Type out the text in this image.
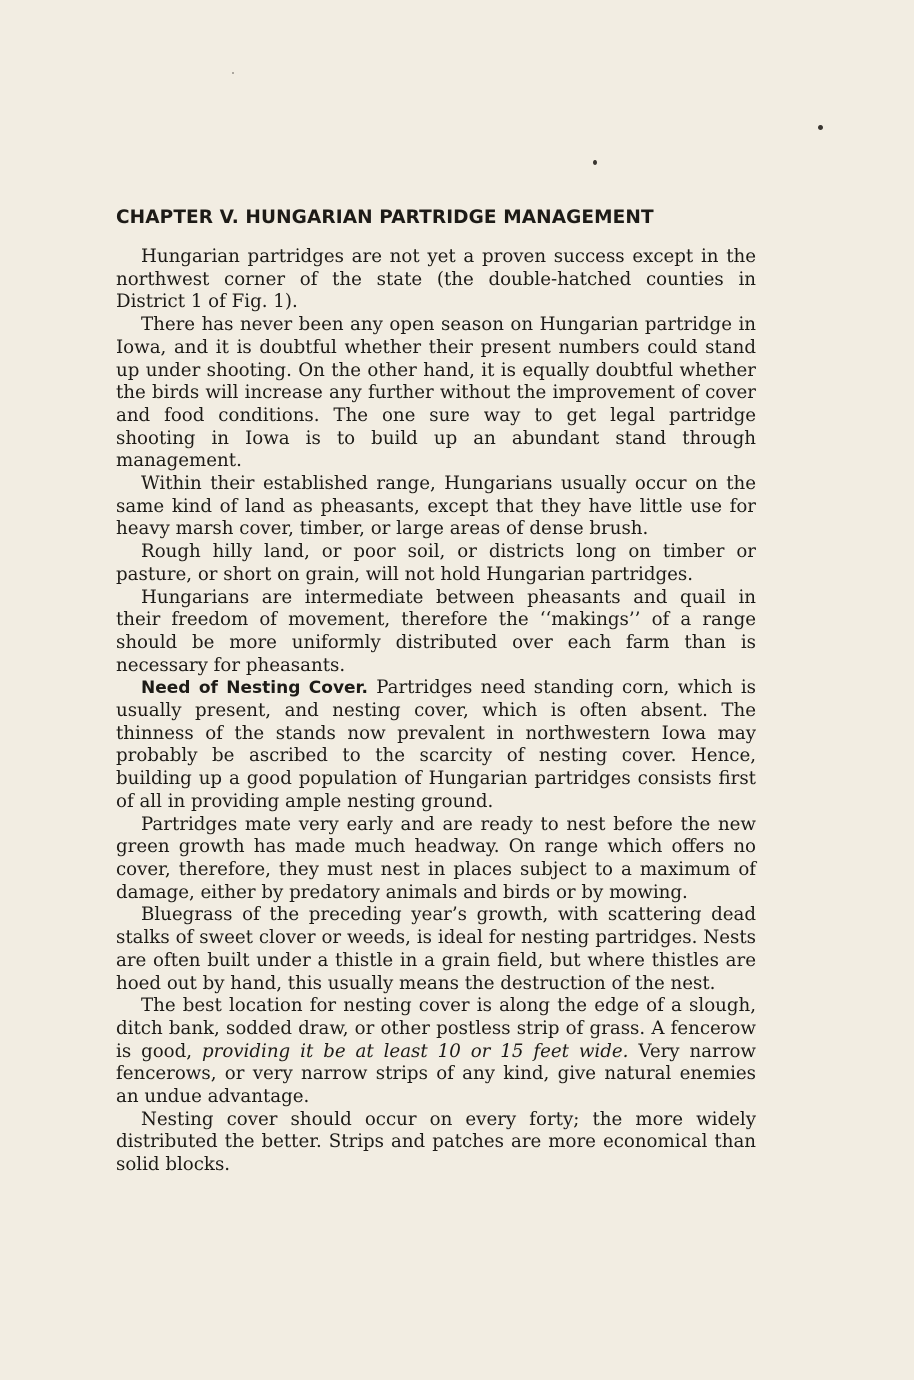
CHAPTER V. HUNGARIAN PARTRIDGE MANAGEMENT

Hungarian partridges are not yet a proven success except in the northwest corner of the state (the double-hatched counties in District 1 of Fig. 1).

There has never been any open season on Hungarian partridge in Iowa, and it is doubtful whether their present numbers could stand up under shooting. On the other hand, it is equally doubtful whether the birds will increase any further without the improvement of cover and food conditions. The one sure way to get legal partridge shooting in Iowa is to build up an abundant stand through management.

Within their established range, Hungarians usually occur on the same kind of land as pheasants, except that they have little use for heavy marsh cover, timber, or large areas of dense brush.

Rough hilly land, or poor soil, or districts long on timber or pasture, or short on grain, will not hold Hungarian partridges.

Hungarians are intermediate between pheasants and quail in their freedom of movement, therefore the ‘‘makings’’ of a range should be more uniformly distributed over each farm than is necessary for pheasants.

Need of Nesting Cover. Partridges need standing corn, which is usually present, and nesting cover, which is often absent. The thinness of the stands now prevalent in northwestern Iowa may probably be ascribed to the scarcity of nesting cover. Hence, building up a good population of Hungarian partridges consists first of all in providing ample nesting ground.

Partridges mate very early and are ready to nest before the new green growth has made much headway. On range which offers no cover, therefore, they must nest in places subject to a maximum of damage, either by predatory animals and birds or by mowing.

Bluegrass of the preceding year’s growth, with scattering dead stalks of sweet clover or weeds, is ideal for nesting partridges. Nests are often built under a thistle in a grain field, but where thistles are hoed out by hand, this usually means the destruction of the nest.

The best location for nesting cover is along the edge of a slough, ditch bank, sodded draw, or other postless strip of grass. A fencerow is good, providing it be at least 10 or 15 feet wide. Very narrow fencerows, or very narrow strips of any kind, give natural enemies an undue advantage.

Nesting cover should occur on every forty; the more widely distributed the better. Strips and patches are more economical than solid blocks.
